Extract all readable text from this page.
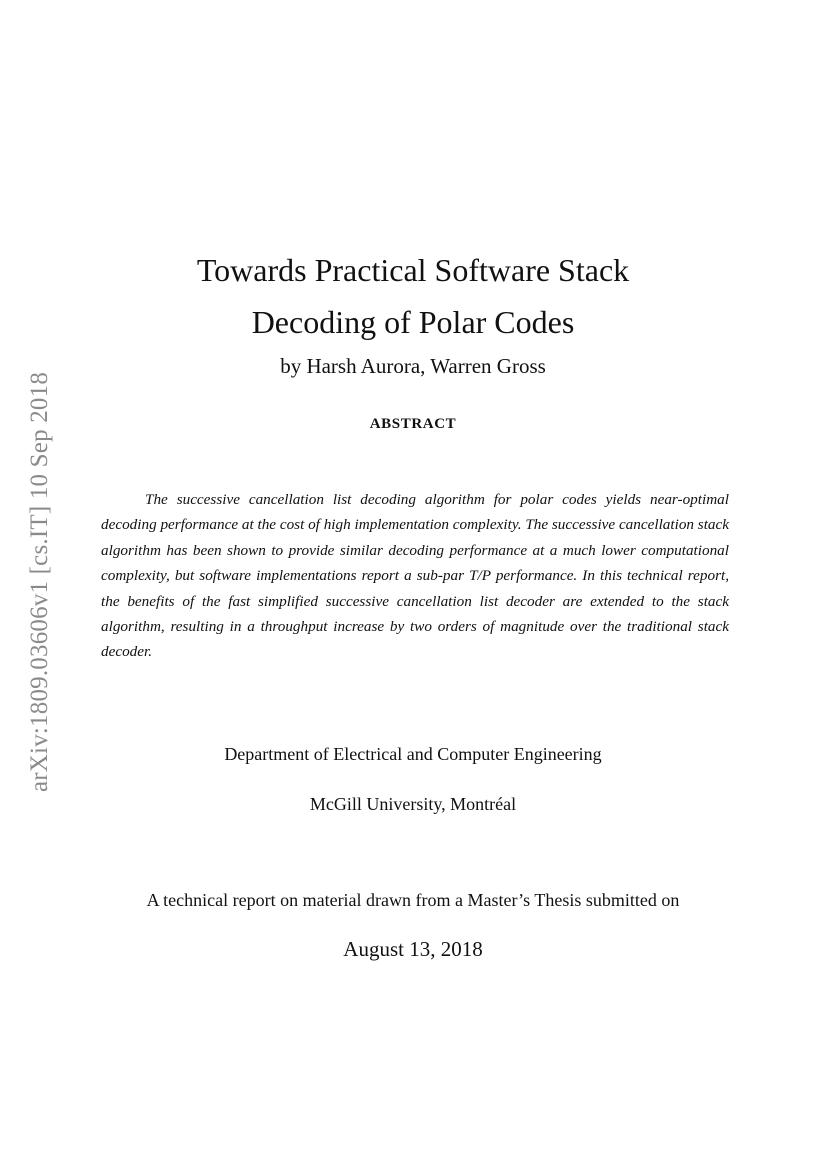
arXiv:1809.03606v1 [cs.IT] 10 Sep 2018
Towards Practical Software Stack
Decoding of Polar Codes
by Harsh Aurora, Warren Gross
ABSTRACT

The successive cancellation list decoding algorithm for polar codes yields near-optimal decoding performance at the cost of high implementation complexity. The successive cancellation stack algorithm has been shown to provide similar decoding performance at a much lower computational complexity, but software implementations report a sub-par T/P performance. In this technical report, the benefits of the fast simplified successive cancellation list decoder are extended to the stack algorithm, resulting in a throughput increase by two orders of magnitude over the traditional stack decoder.

Department of Electrical and Computer Engineering
McGill University, Montréal
A technical report on material drawn from a Master’s Thesis submitted on
August 13, 2018
